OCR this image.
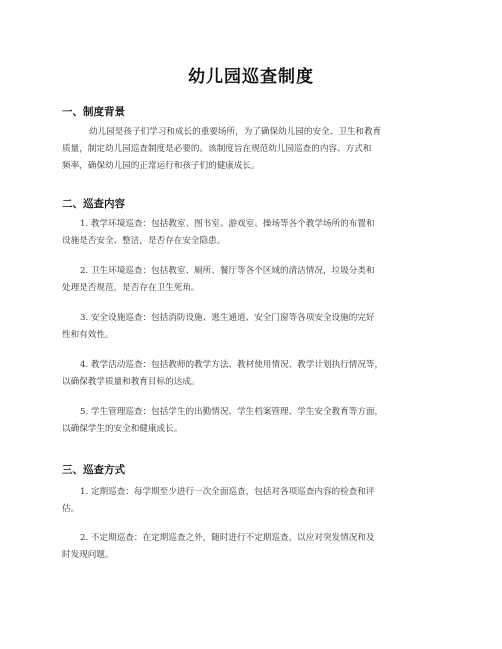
幼儿园巡查制度
一、制度背景
幼儿园是孩子们学习和成长的重要场所，为了确保幼儿园的安全、卫生和教育
质量，制定幼儿园巡查制度是必要的。该制度旨在规范幼儿园巡查的内容、方式和
频率，确保幼儿园的正常运行和孩子们的健康成长。
二、巡查内容
1. 教学环境巡查：包括教室、图书室、游戏室、操场等各个教学场所的布置和
设施是否安全、整洁，是否存在安全隐患。
2. 卫生环境巡查：包括教室、厕所、餐厅等各个区域的清洁情况，垃圾分类和
处理是否规范，是否存在卫生死角。
3. 安全设施巡查：包括消防设施、逃生通道、安全门窗等各项安全设施的完好
性和有效性。
4. 教学活动巡查：包括教师的教学方法、教材使用情况、教学计划执行情况等，
以确保教学质量和教育目标的达成。
5. 学生管理巡查：包括学生的出勤情况、学生档案管理、学生安全教育等方面，
以确保学生的安全和健康成长。
三、巡查方式
1. 定期巡查：每学期至少进行一次全面巡查，包括对各项巡查内容的检查和评
估。
2. 不定期巡查：在定期巡查之外，随时进行不定期巡查，以应对突发情况和及
时发现问题。
